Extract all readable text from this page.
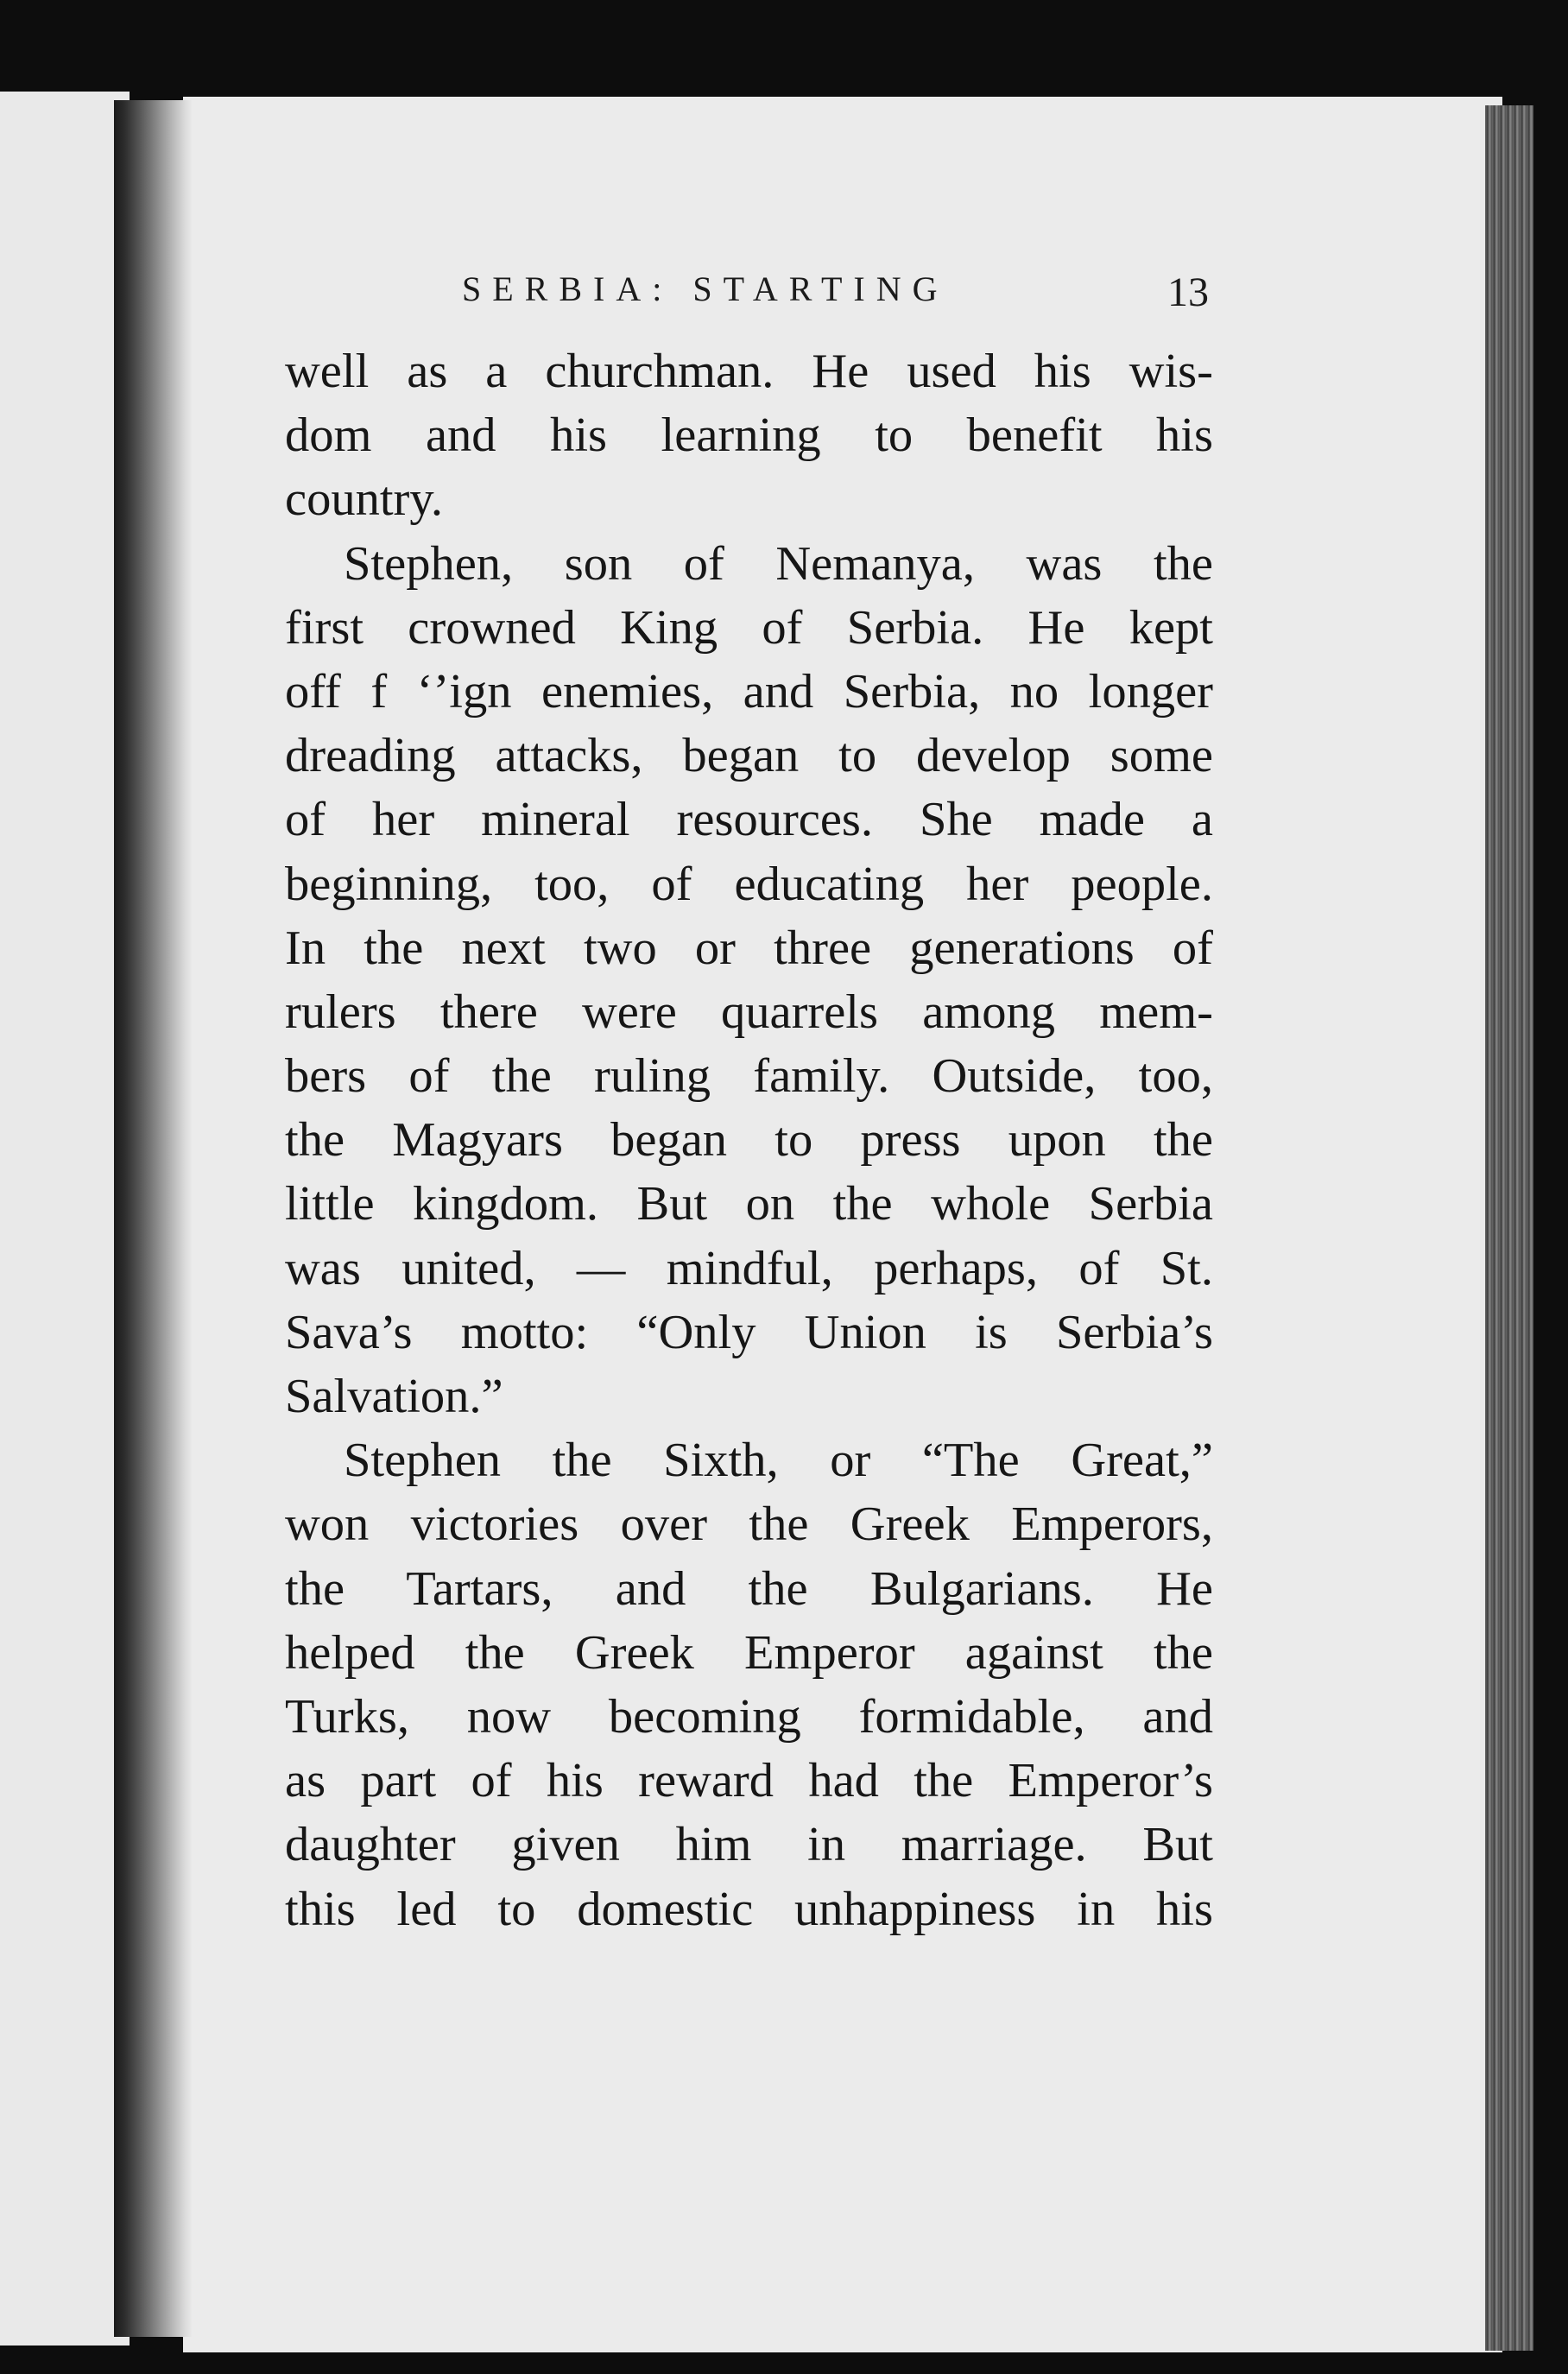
SERBIA: STARTING	13
well as a churchman. He used his wis-
dom and his learning to benefit his
country.
Stephen, son of Nemanya, was the
first crowned King of Serbia. He kept
off f ‘’ign enemies, and Serbia, no longer
dreading attacks, began to develop some
of her mineral resources. She made a
beginning, too, of educating her people.
In the next two or three generations of
rulers there were quarrels among mem-
bers of the ruling family. Outside, too,
the Magyars began to press upon the
little kingdom. But on the whole Serbia
was united, — mindful, perhaps, of St.
Sava’s motto: “Only Union is Serbia’s
Salvation.”
Stephen the Sixth, or “The Great,”
won victories over the Greek Emperors,
the Tartars, and the Bulgarians. He
helped the Greek Emperor against the
Turks, now becoming formidable, and
as part of his reward had the Emperor’s
daughter given him in marriage. But
this led to domestic unhappiness in his
